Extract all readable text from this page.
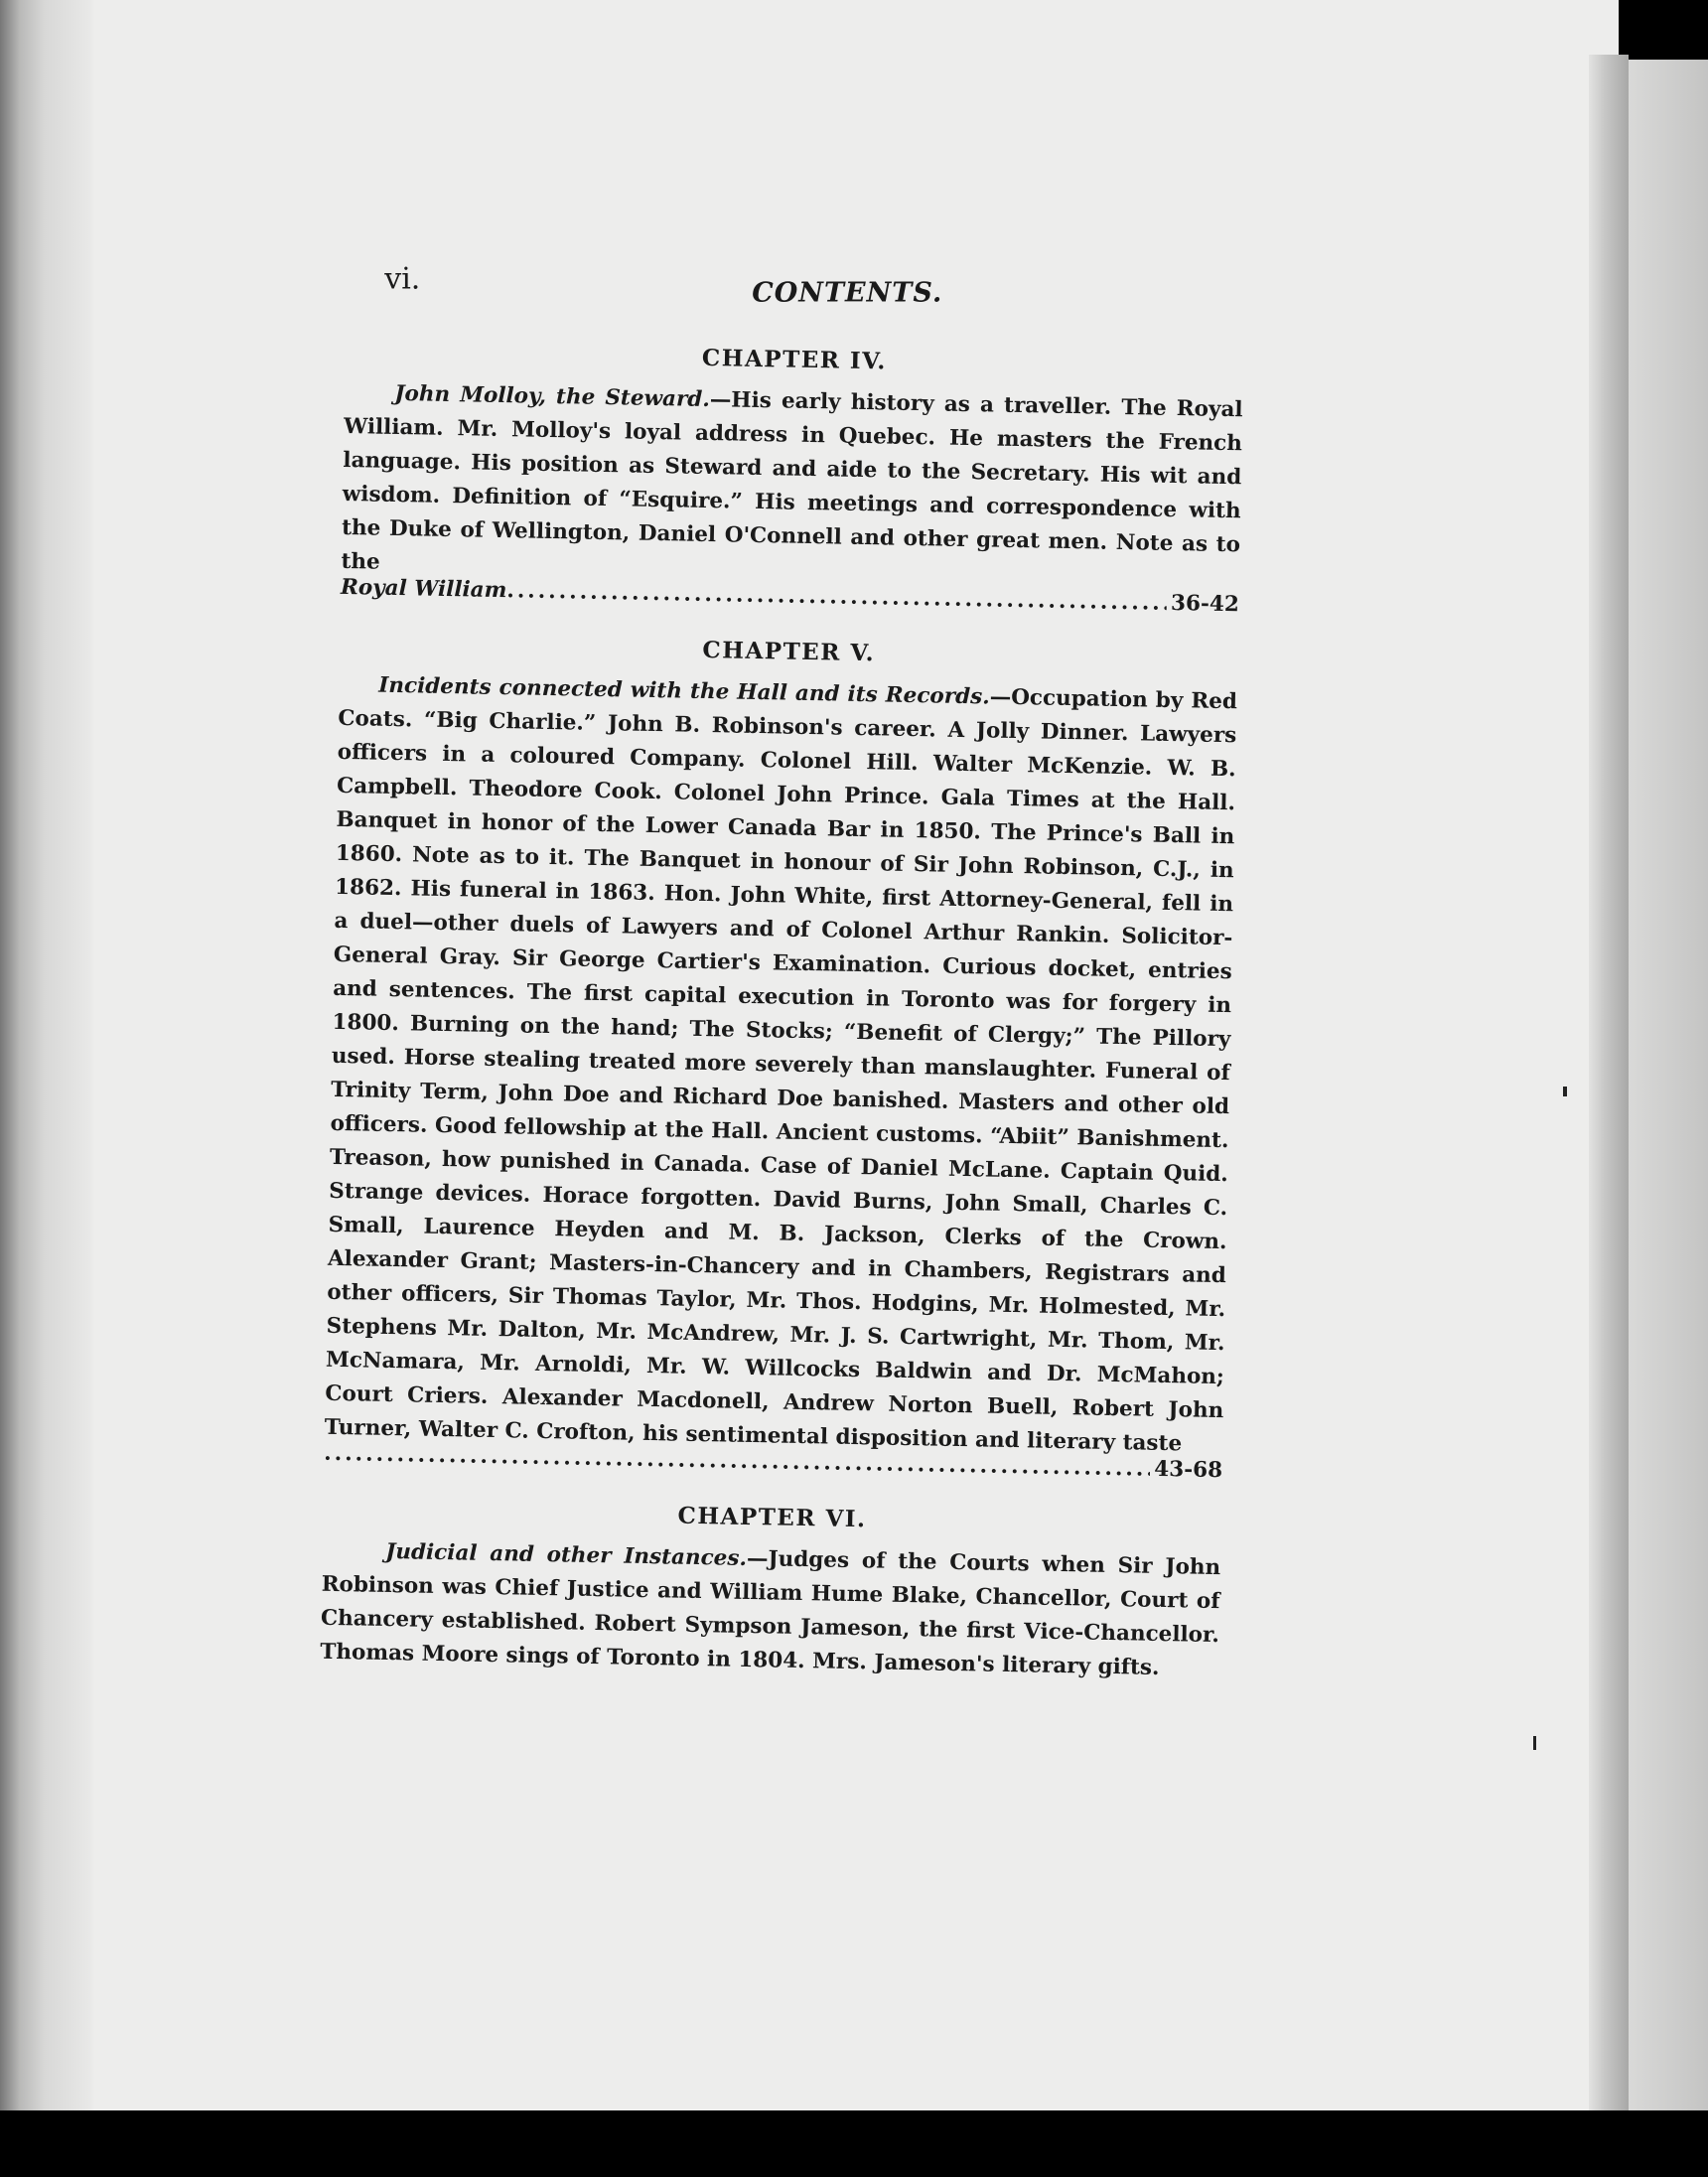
vi.	CONTENTS.
CHAPTER IV.
John Molloy, the Steward.—His early history as a traveller. The Royal William. Mr. Molloy's loyal address in Quebec. He masters the French language. His position as Steward and aide to the Secretary. His wit and wisdom. Definition of “Esquire.” His meetings and correspondence with the Duke of Wellington, Daniel O'Connell and other great men. Note as to the
Royal William
.....
36-42
CHAPTER V.
Incidents connected with the Hall and its Records.—Occupation by Red Coats. “Big Charlie.” John B. Robinson's career. A Jolly Dinner. Lawyers officers in a coloured Company. Colonel Hill. Walter McKenzie. W. B. Campbell. Theodore Cook. Colonel John Prince. Gala Times at the Hall. Banquet in honor of the Lower Canada Bar in 1850. The Prince's Ball in 1860. Note as to it. The Banquet in honour of Sir John Robinson, C.J., in 1862. His funeral in 1863. Hon. John White, first Attorney-General, fell in a duel—other duels of Lawyers and of Colonel Arthur Rankin. Solicitor-General Gray. Sir George Cartier's Examination. Curious docket, entries and sentences. The first capital execution in Toronto was for forgery in 1800. Burning on the hand; The Stocks; “Benefit of Clergy;” The Pillory used. Horse stealing treated more severely than manslaughter. Funeral of Trinity Term, John Doe and Richard Doe banished. Masters and other old officers. Good fellowship at the Hall. Ancient customs. “Abiit” Banishment. Treason, how punished in Canada. Case of Daniel McLane. Captain Quid. Strange devices. Horace forgotten. David Burns, John Small, Charles C. Small, Laurence Heyden and M. B. Jackson, Clerks of the Crown. Alexander Grant; Masters-in-Chancery and in Chambers, Registrars and other officers, Sir Thomas Taylor, Mr. Thos. Hodgins, Mr. Holmested, Mr. Stephens Mr. Dalton, Mr. McAndrew, Mr. J. S. Cartwright, Mr. Thom, Mr. McNamara, Mr. Arnoldi, Mr. W. Willcocks Baldwin and Dr. McMahon; Court Criers. Alexander Macdonell, Andrew Norton Buell, Robert John Turner, Walter C. Crofton, his sentimental disposition and literary taste
.....
43-68
CHAPTER VI.
Judicial and other Instances.—Judges of the Courts when Sir John Robinson was Chief Justice and William Hume Blake, Chancellor, Court of Chancery established. Robert Sympson Jameson, the first Vice-Chancellor. Thomas Moore sings of Toronto in 1804. Mrs. Jameson's literary gifts.
